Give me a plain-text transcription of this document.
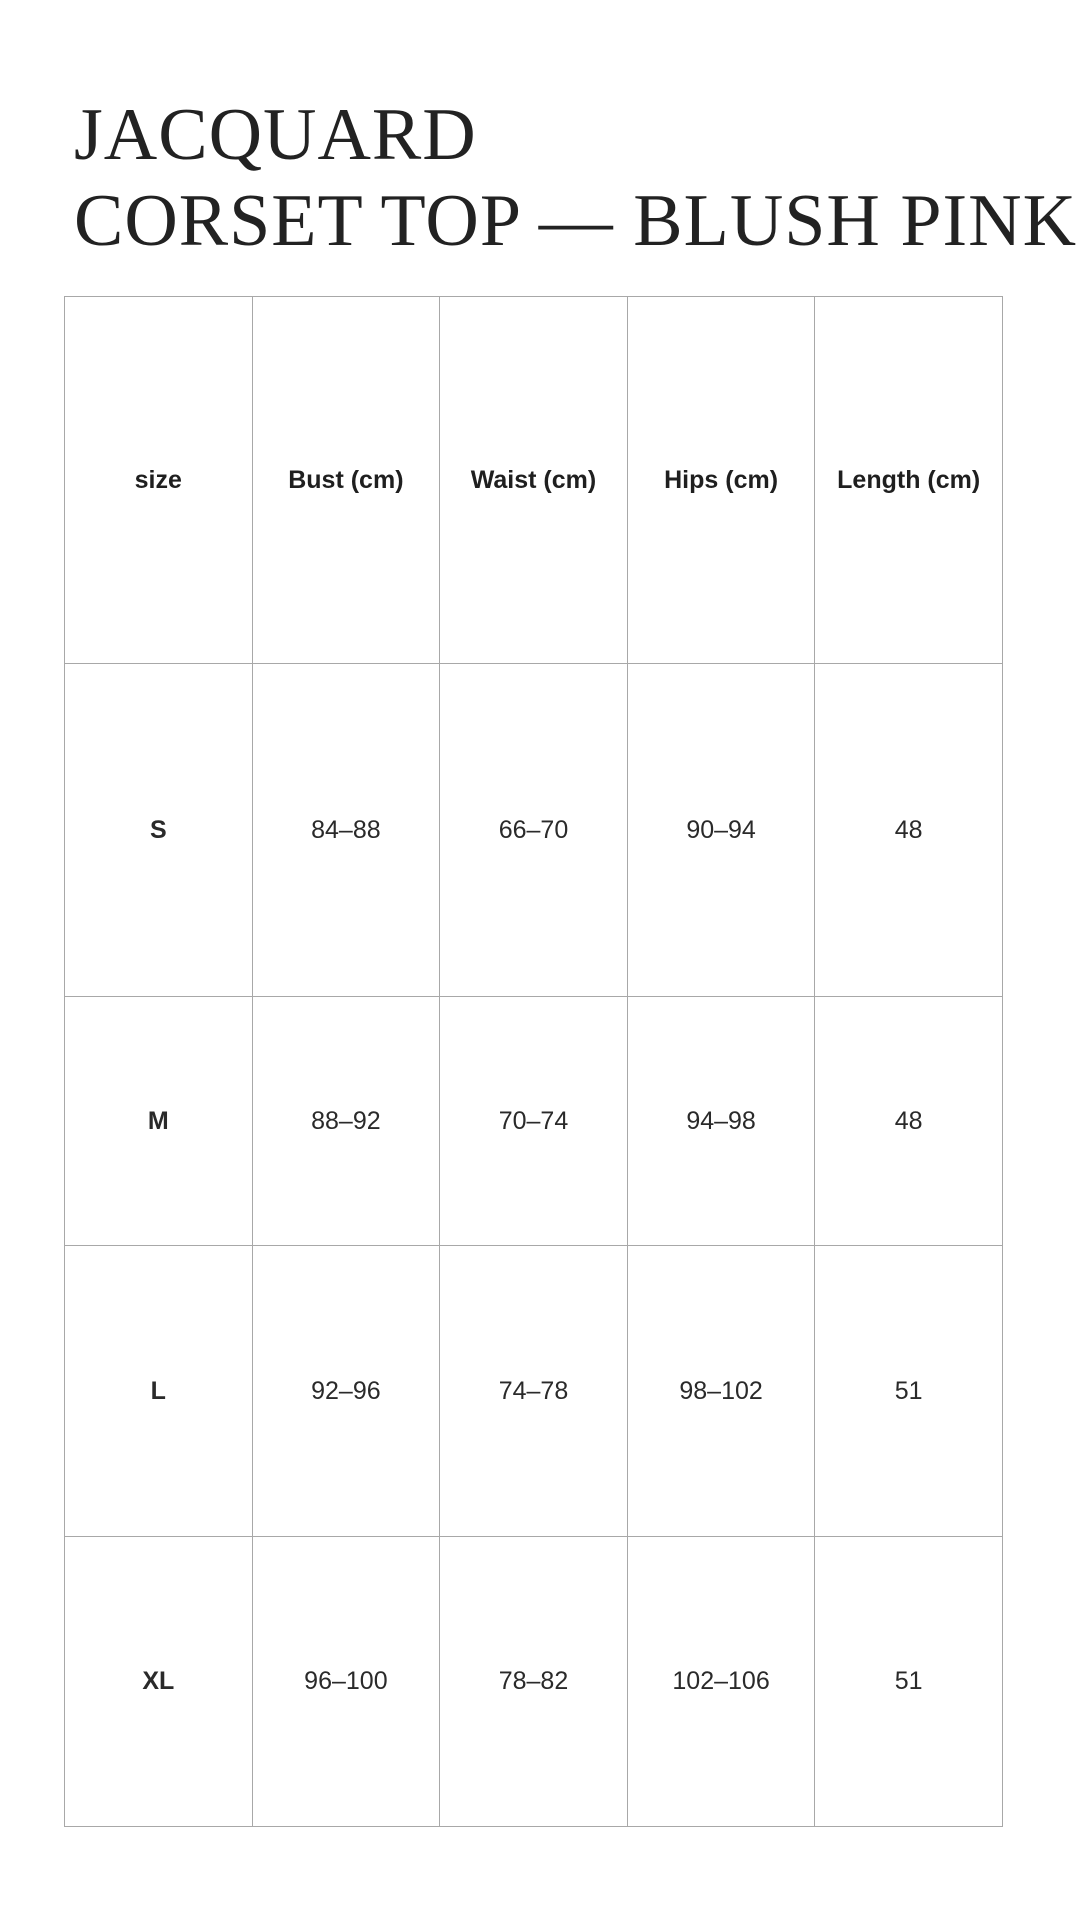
JACQUARD
CORSET TOP — BLUSH PINK
size	Bust (cm)	Waist (cm)	Hips (cm)	Length (cm)
S	84–88	66–70	90–94	48
M	88–92	70–74	94–98	48
L	92–96	74–78	98–102	51
XL	96–100	78–82	102–106	51
